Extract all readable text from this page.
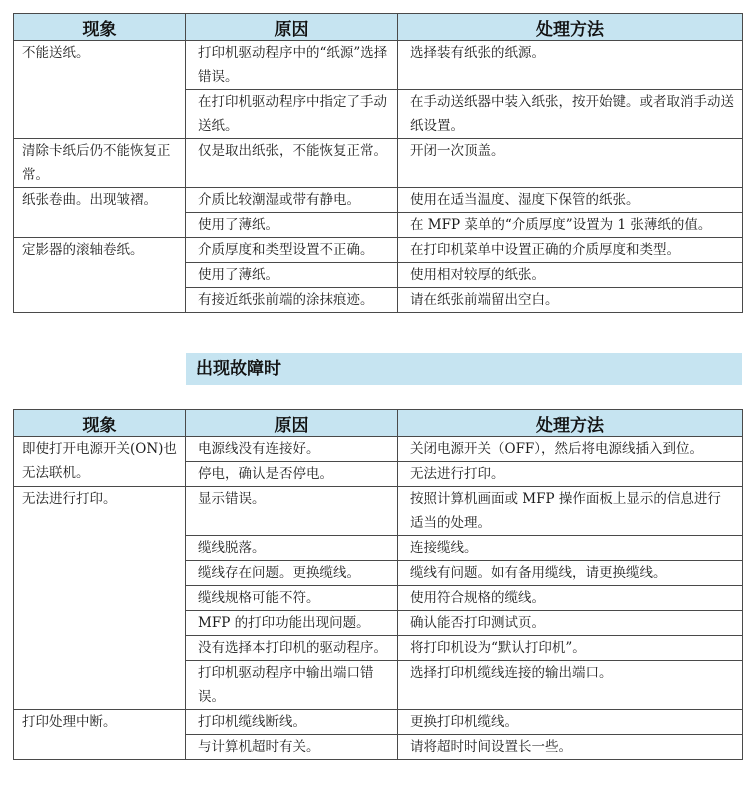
现象	原因	处理方法
不能送纸。	打印机驱动程序中的“纸源”选择错误。	选择装有纸张的纸源。
	在打印机驱动程序中指定了手动送纸。	在手动送纸器中装入纸张，按开始键。或者取消手动送纸设置。
清除卡纸后仍不能恢复正常。	仅是取出纸张，不能恢复正常。	开闭一次顶盖。
纸张卷曲。出现皱褶。	介质比较潮湿或带有静电。	使用在适当温度、湿度下保管的纸张。
	使用了薄纸。	在 MFP 菜单的“介质厚度”设置为 1 张薄纸的值。
定影器的滚轴卷纸。	介质厚度和类型设置不正确。	在打印机菜单中设置正确的介质厚度和类型。
	使用了薄纸。	使用相对较厚的纸张。
	有接近纸张前端的涂抹痕迹。	请在纸张前端留出空白。
出现故障时
现象	原因	处理方法
即使打开电源开关(ON)也无法联机。	电源线没有连接好。	关闭电源开关（OFF），然后将电源线插入到位。
	停电，确认是否停电。	无法进行打印。
无法进行打印。	显示错误。	按照计算机画面或 MFP 操作面板上显示的信息进行适当的处理。
	缆线脱落。	连接缆线。
	缆线存在问题。更换缆线。	缆线有问题。如有备用缆线，请更换缆线。
	缆线规格可能不符。	使用符合规格的缆线。
	MFP 的打印功能出现问题。	确认能否打印测试页。
	没有选择本打印机的驱动程序。	将打印机设为“默认打印机”。
	打印机驱动程序中输出端口错误。	选择打印机缆线连接的输出端口。
打印处理中断。	打印机缆线断线。	更换打印机缆线。
	与计算机超时有关。	请将超时时间设置长一些。
